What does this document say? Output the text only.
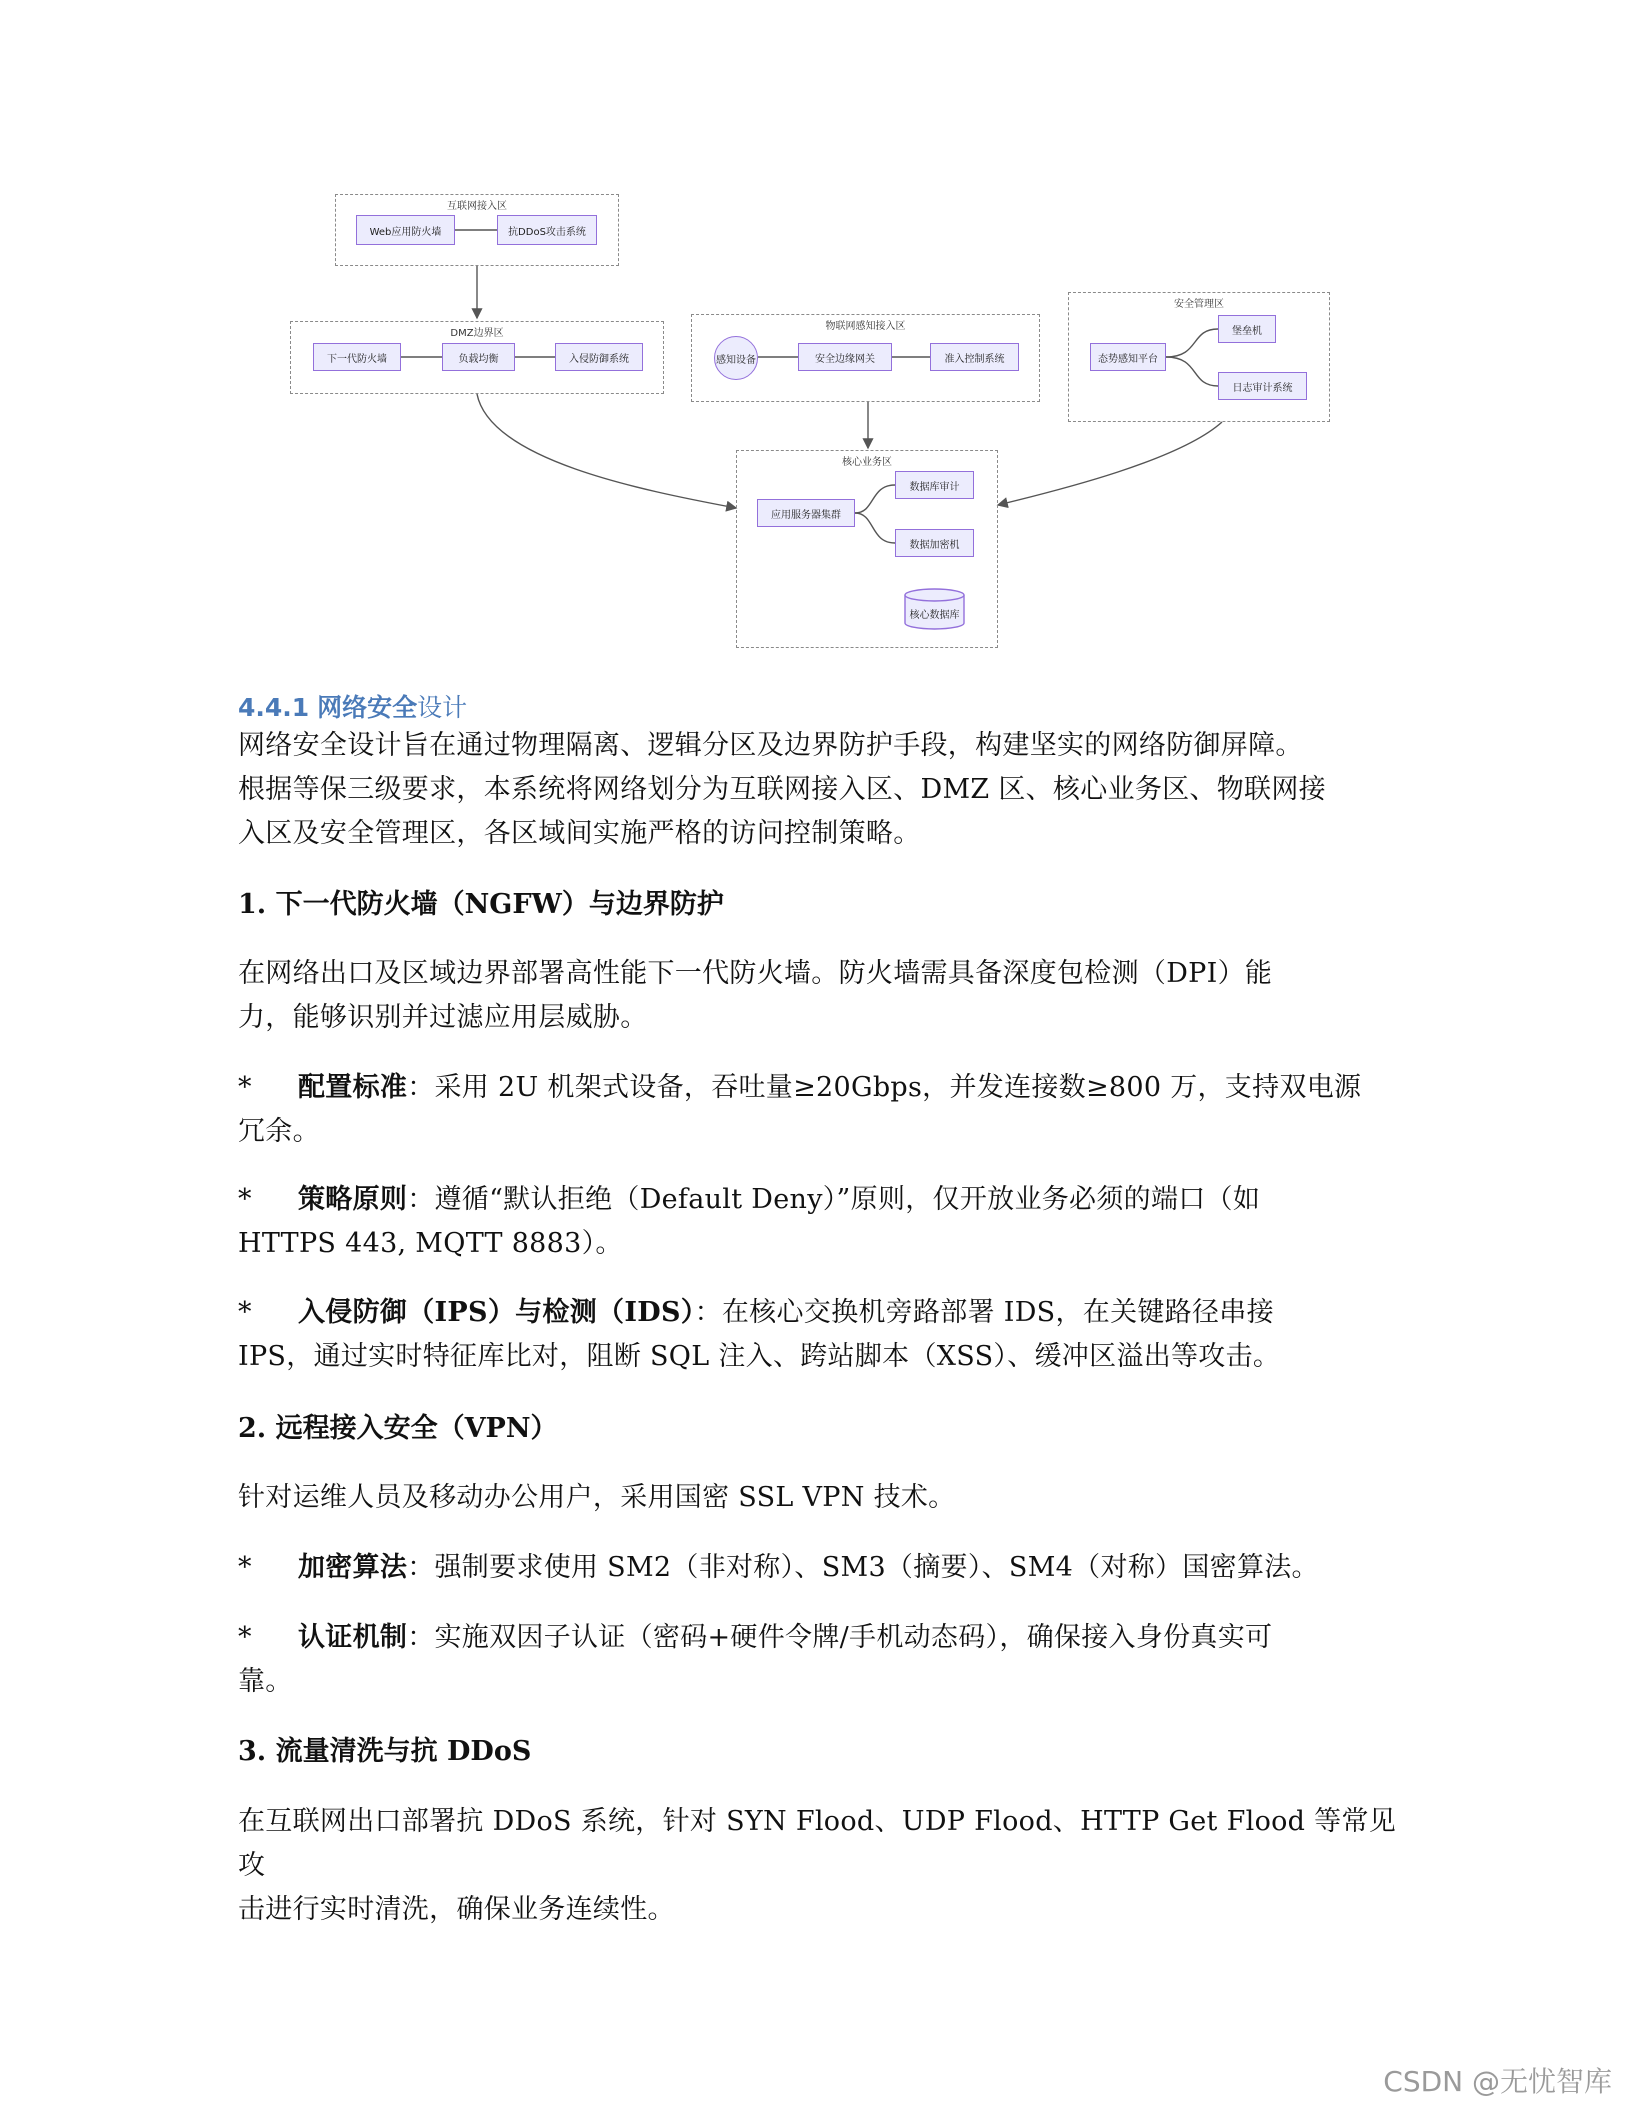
互联网接入区
DMZ边界区
物联网感知接入区
安全管理区
核心业务区
Web应用防火墙	抗DDoS攻击系统
下一代防火墙	负载均衡	入侵防御系统	感知设备	安全边缘网关	准入控制系统	态势感知平台
堡垒机
日志审计系统
应用服务器集群
数据库审计
数据加密机
核心数据库
4.4.1 网络安全设计
网络安全设计旨在通过物理隔离、逻辑分区及边界防护手段，构建坚实的网络防御屏障。
根据等保三级要求，本系统将网络划分为互联网接入区、DMZ 区、核心业务区、物联网接
入区及安全管理区，各区域间实施严格的访问控制策略。
1. 下一代防火墙（NGFW）与边界防护
在网络出口及区域边界部署高性能下一代防火墙。防火墙需具备深度包检测（DPI）能
力，能够识别并过滤应用层威胁。
* 配置标准：采用 2U 机架式设备，吞吐量≥20Gbps，并发连接数≥800 万，支持双电源
冗余。
* 策略原则：遵循“默认拒绝（Default Deny）”原则，仅开放业务必须的端口（如
HTTPS 443, MQTT 8883）。
* 入侵防御（IPS）与检测（IDS）：在核心交换机旁路部署 IDS，在关键路径串接
IPS，通过实时特征库比对，阻断 SQL 注入、跨站脚本（XSS）、缓冲区溢出等攻击。
2. 远程接入安全（VPN）
针对运维人员及移动办公用户，采用国密 SSL VPN 技术。
* 加密算法：强制要求使用 SM2（非对称）、SM3（摘要）、SM4（对称）国密算法。
* 认证机制：实施双因子认证（密码+硬件令牌/手机动态码），确保接入身份真实可
靠。
3. 流量清洗与抗 DDoS
在互联网出口部署抗 DDoS 系统，针对 SYN Flood、UDP Flood、HTTP Get Flood 等常见攻
击进行实时清洗，确保业务连续性。
CSDN @无忧智库
